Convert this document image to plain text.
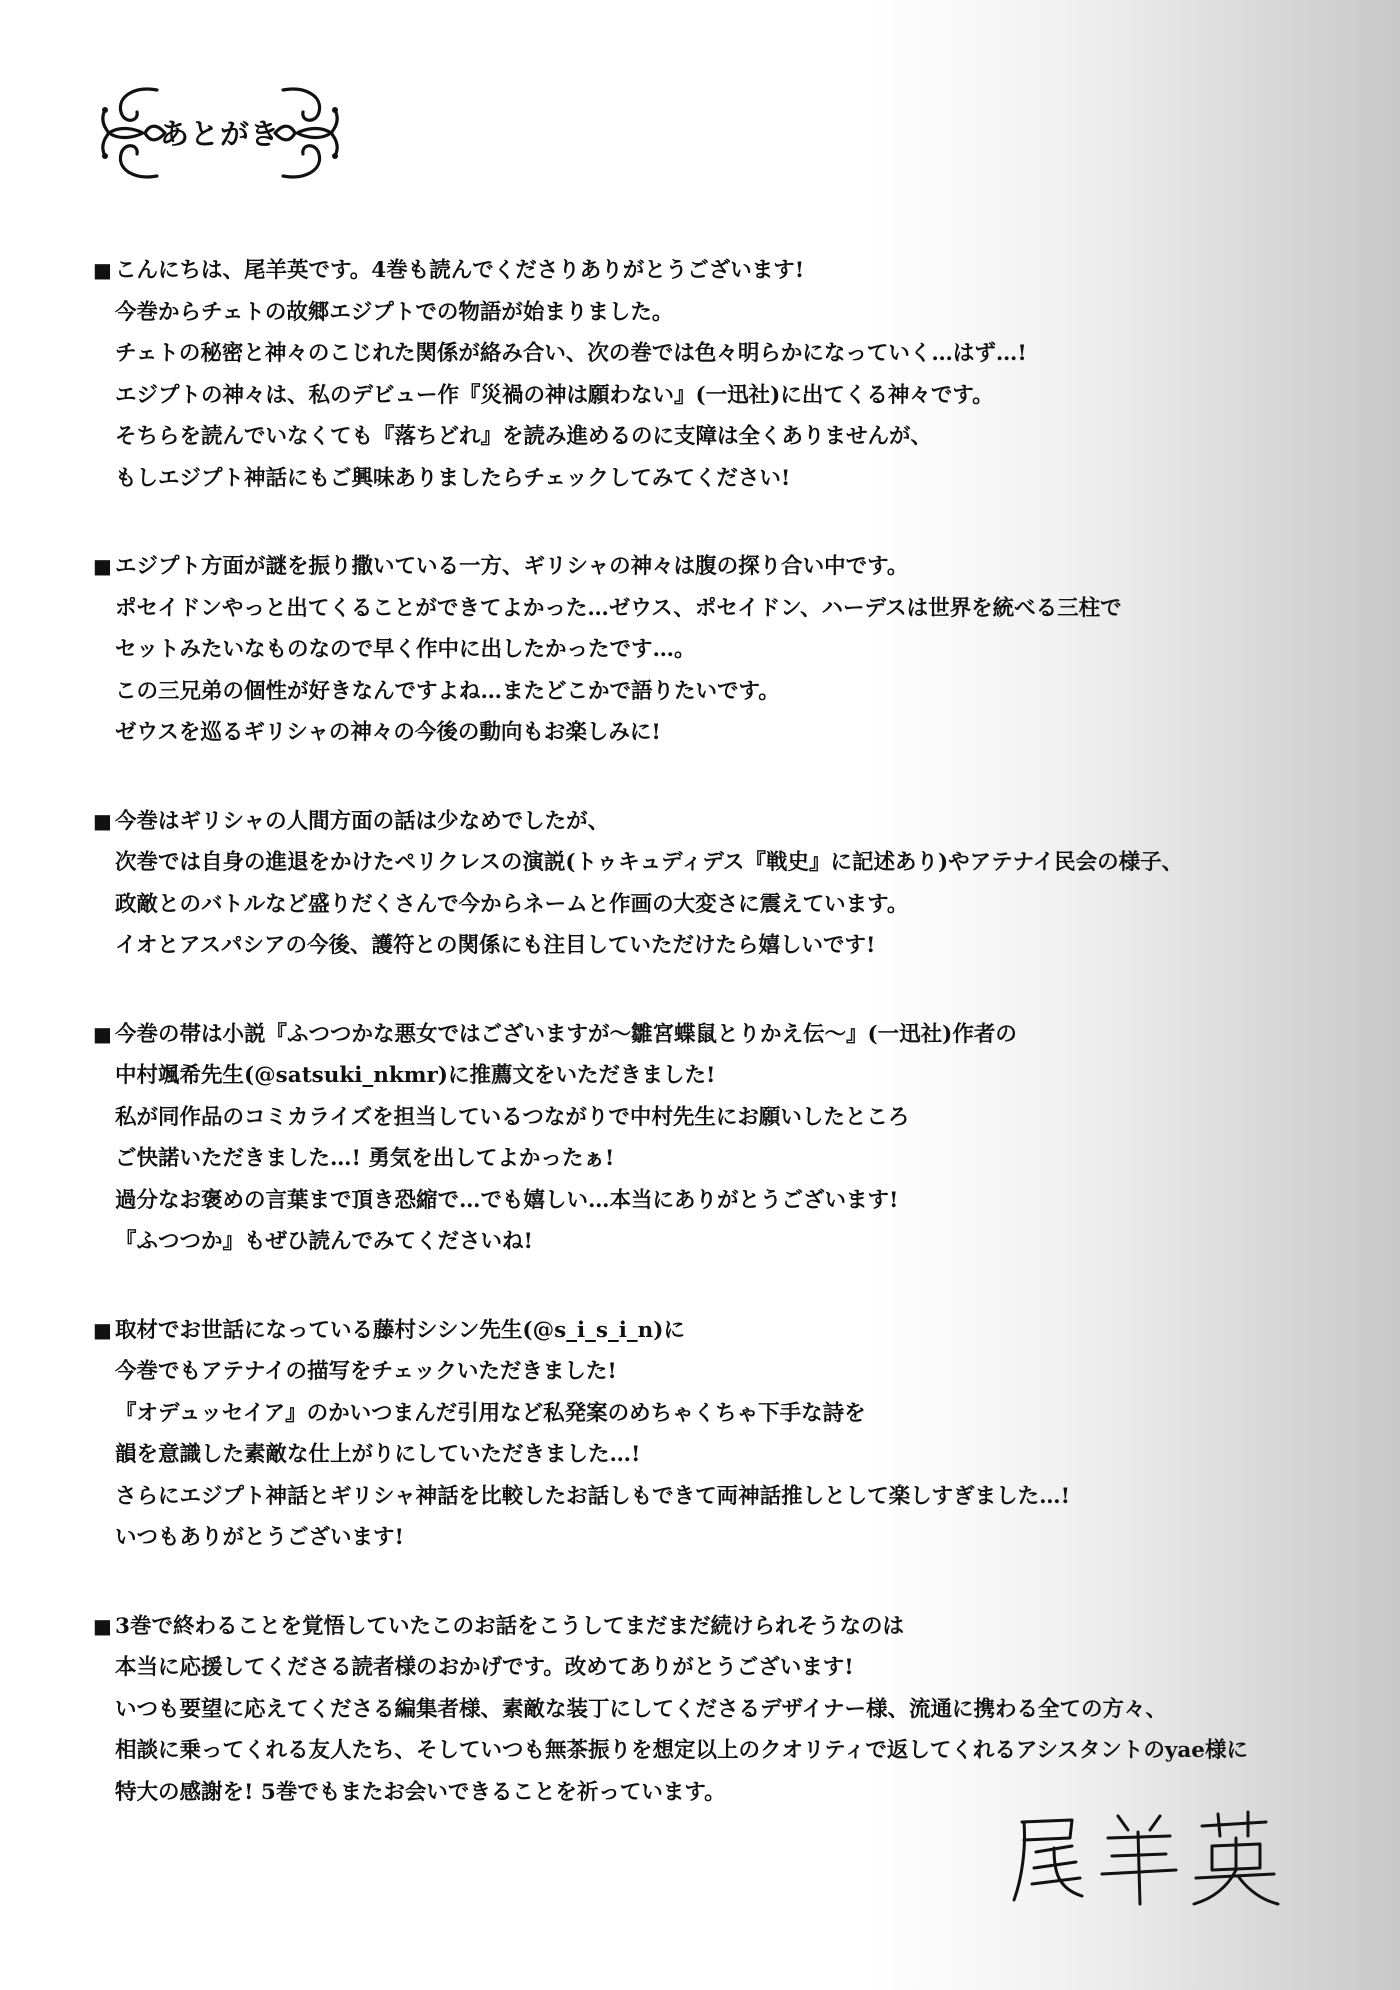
あとがき
■ こんにちは、尾羊英です。4巻も読んでくださりありがとうございます!
今巻からチェトの故郷エジプトでの物語が始まりました。
チェトの秘密と神々のこじれた関係が絡み合い、次の巻では色々明らかになっていく…はず…!
エジプトの神々は、私のデビュー作『災禍の神は願わない』(一迅社)に出てくる神々です。
そちらを読んでいなくても『落ちどれ』を読み進めるのに支障は全くありませんが、
もしエジプト神話にもご興味ありましたらチェックしてみてください!
■ エジプト方面が謎を振り撒いている一方、ギリシャの神々は腹の探り合い中です。
ポセイドンやっと出てくることができてよかった…ゼウス、ポセイドン、ハーデスは世界を統べる三柱で
セットみたいなものなので早く作中に出したかったです…。
この三兄弟の個性が好きなんですよね…またどこかで語りたいです。
ゼウスを巡るギリシャの神々の今後の動向もお楽しみに!
■ 今巻はギリシャの人間方面の話は少なめでしたが、
次巻では自身の進退をかけたペリクレスの演説(トゥキュディデス『戦史』に記述あり)やアテナイ民会の様子、
政敵とのバトルなど盛りだくさんで今からネームと作画の大変さに震えています。
イオとアスパシアの今後、護符との関係にも注目していただけたら嬉しいです!
■ 今巻の帯は小説『ふつつかな悪女ではございますが～雛宮蝶鼠とりかえ伝～』(一迅社)作者の
中村颯希先生(@satsuki_nkmr)に推薦文をいただきました!
私が同作品のコミカライズを担当しているつながりで中村先生にお願いしたところ
ご快諾いただきました…! 勇気を出してよかったぁ!
過分なお褒めの言葉まで頂き恐縮で…でも嬉しい…本当にありがとうございます!
『ふつつか』もぜひ読んでみてくださいね!
■ 取材でお世話になっている藤村シシン先生(@s_i_s_i_n)に
今巻でもアテナイの描写をチェックいただきました!
『オデュッセイア』のかいつまんだ引用など私発案のめちゃくちゃ下手な詩を
韻を意識した素敵な仕上がりにしていただきました…!
さらにエジプト神話とギリシャ神話を比較したお話しもできて両神話推しとして楽しすぎました…!
いつもありがとうございます!
■ 3巻で終わることを覚悟していたこのお話をこうしてまだまだ続けられそうなのは
本当に応援してくださる読者様のおかげです。改めてありがとうございます!
いつも要望に応えてくださる編集者様、素敵な装丁にしてくださるデザイナー様、流通に携わる全ての方々、
相談に乗ってくれる友人たち、そしていつも無茶振りを想定以上のクオリティで返してくれるアシスタントのyae様に
特大の感謝を! 5巻でもまたお会いできることを祈っています。
